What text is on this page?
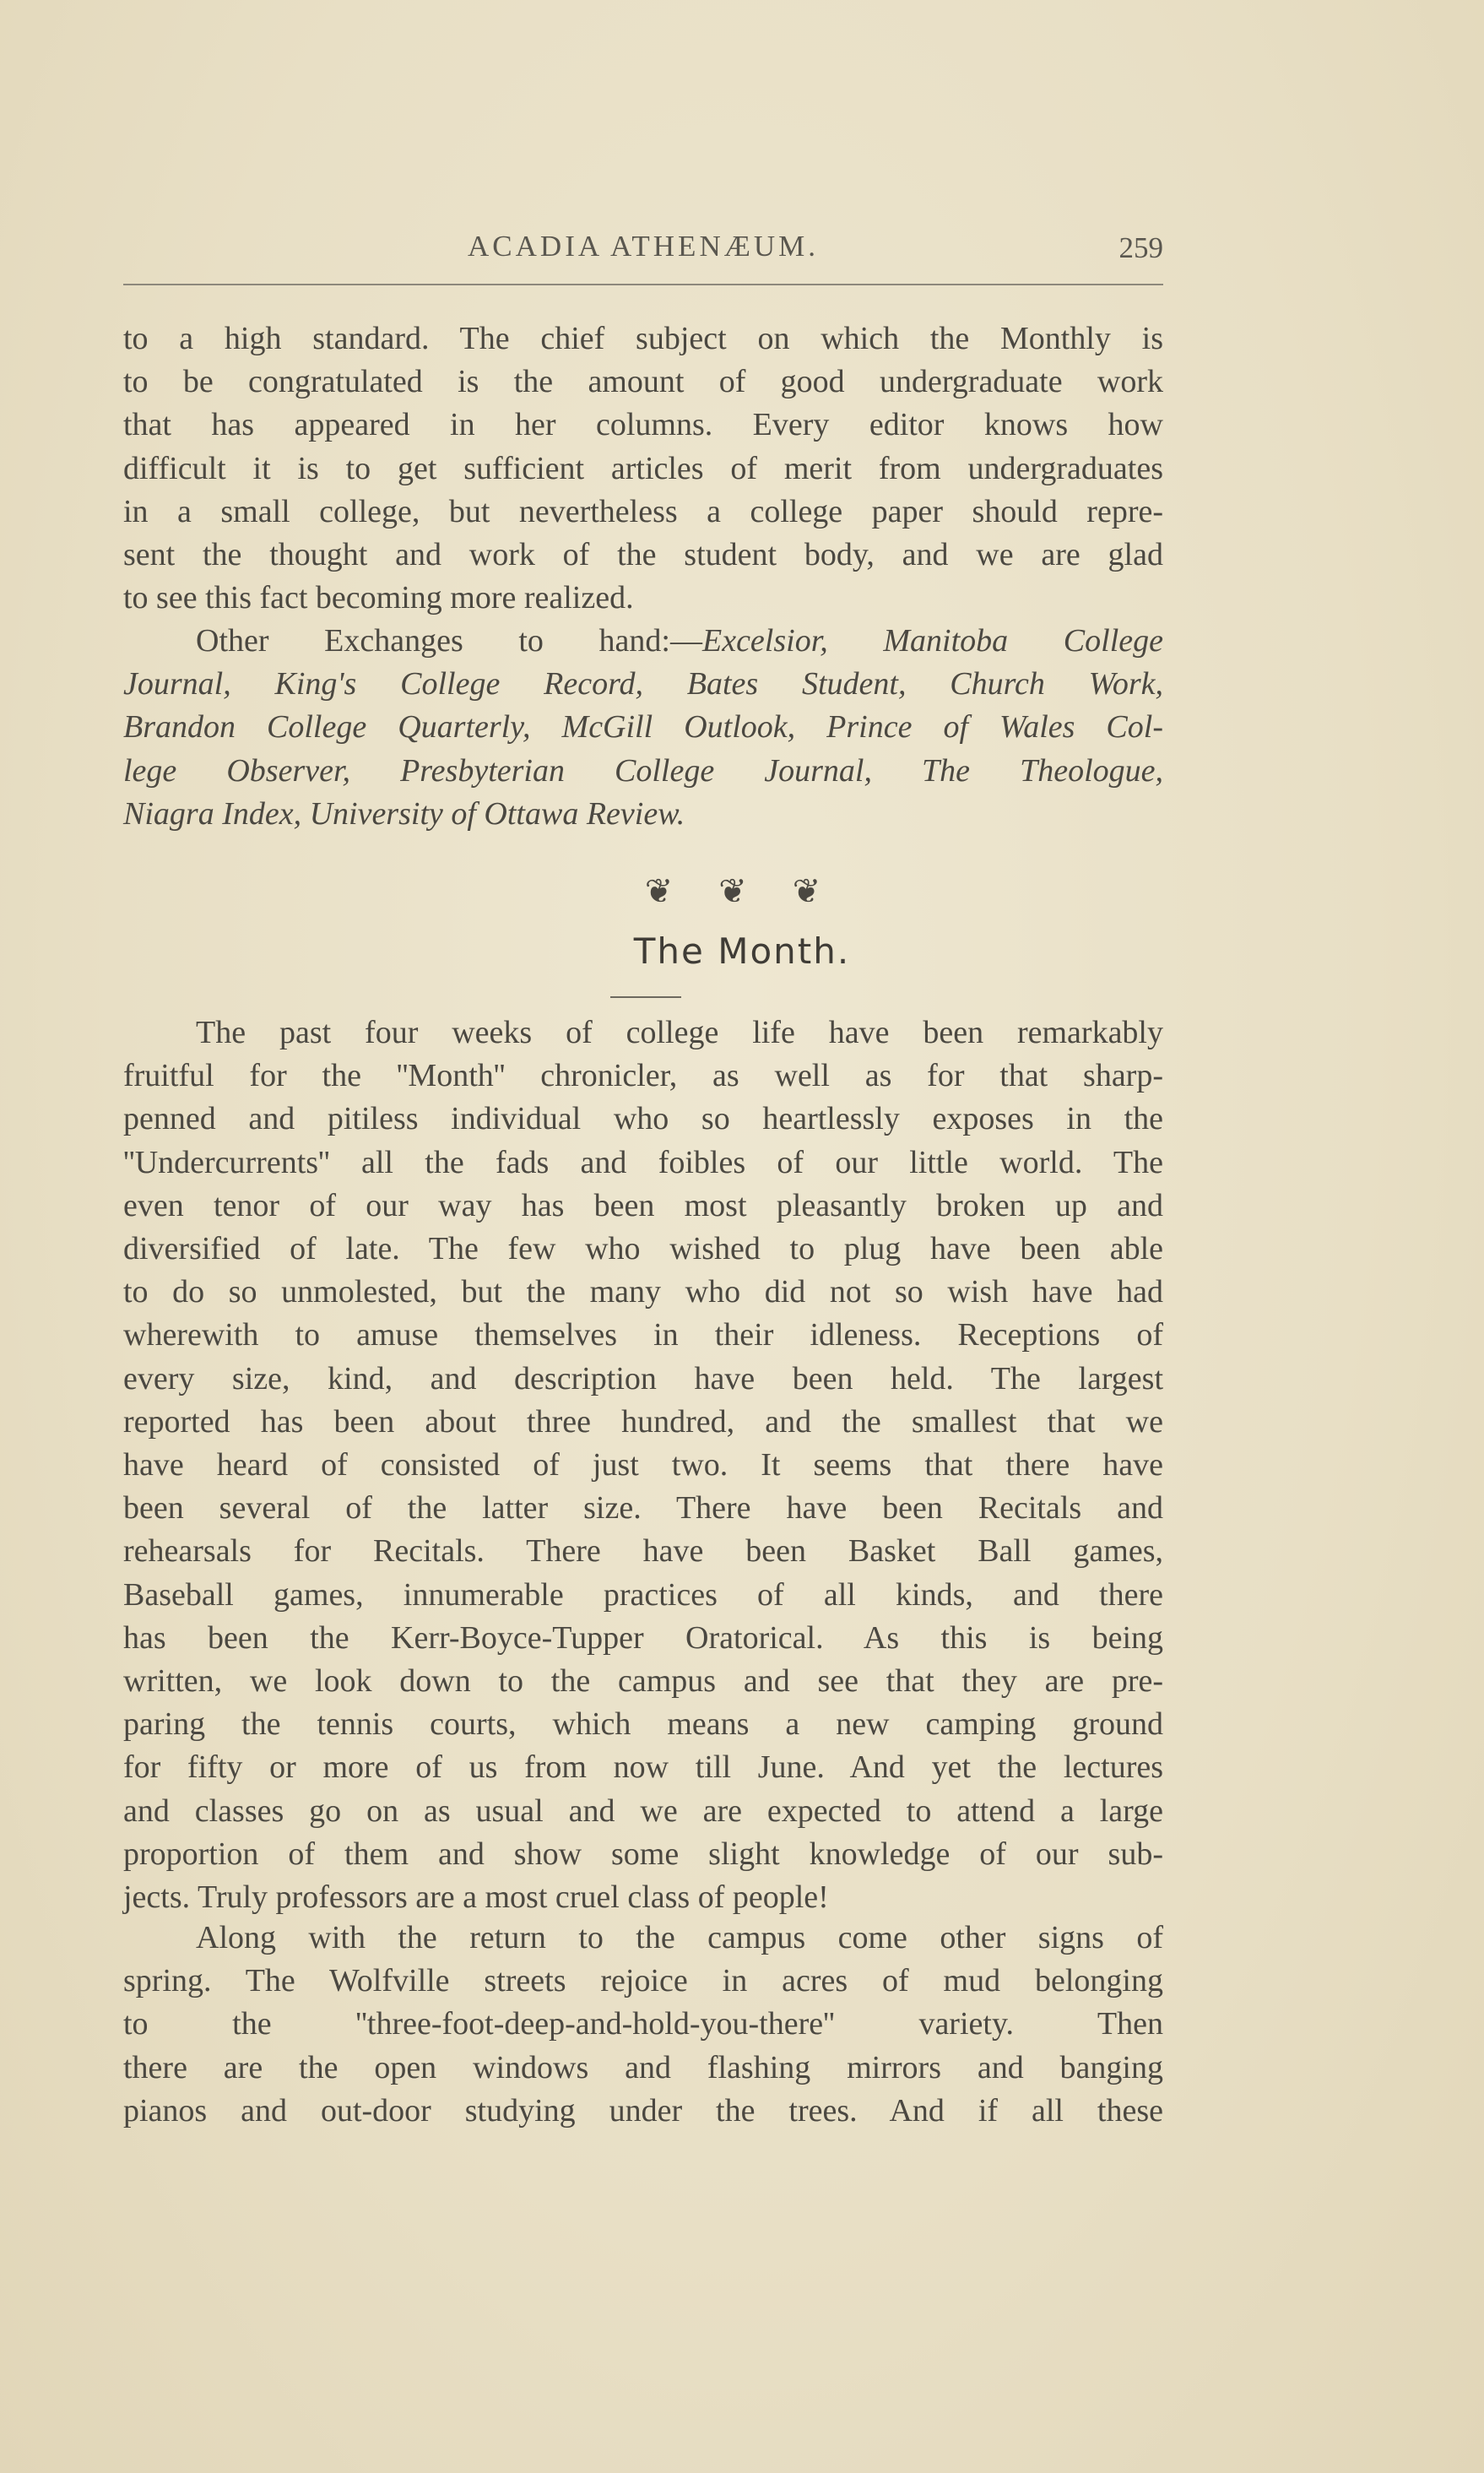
ACADIA ATHENÆUM.	259
to a high standard. The chief subject on which the Monthly is
to be congratulated is the amount of good undergraduate work
that has appeared in her columns. Every editor knows how
difficult it is to get sufficient articles of merit from undergraduates
in a small college, but nevertheless a college paper should repre-
sent the thought and work of the student body, and we are glad
to see this fact becoming more realized.
Other Exchanges to hand:—Excelsior, Manitoba College
Journal, King's College Record, Bates Student, Church Work,
Brandon College Quarterly, McGill Outlook, Prince of Wales Col-
lege Observer, Presbyterian College Journal, The Theologue,
Niagra Index, University of Ottawa Review.
❦ ❦ ❦
The Month.
The past four weeks of college life have been remarkably
fruitful for the ''Month'' chronicler, as well as for that sharp-
penned and pitiless individual who so heartlessly exposes in the
''Undercurrents'' all the fads and foibles of our little world. The
even tenor of our way has been most pleasantly broken up and
diversified of late. The few who wished to plug have been able
to do so unmolested, but the many who did not so wish have had
wherewith to amuse themselves in their idleness. Receptions of
every size, kind, and description have been held. The largest
reported has been about three hundred, and the smallest that we
have heard of consisted of just two. It seems that there have
been several of the latter size. There have been Recitals and
rehearsals for Recitals. There have been Basket Ball games,
Baseball games, innumerable practices of all kinds, and there
has been the Kerr-Boyce-Tupper Oratorical. As this is being
written, we look down to the campus and see that they are pre-
paring the tennis courts, which means a new camping ground
for fifty or more of us from now till June. And yet the lectures
and classes go on as usual and we are expected to attend a large
proportion of them and show some slight knowledge of our sub-
jects. Truly professors are a most cruel class of people!
Along with the return to the campus come other signs of
spring. The Wolfville streets rejoice in acres of mud belonging
to the ''three-foot-deep-and-hold-you-there'' variety. Then
there are the open windows and flashing mirrors and banging
pianos and out-door studying under the trees. And if all these
